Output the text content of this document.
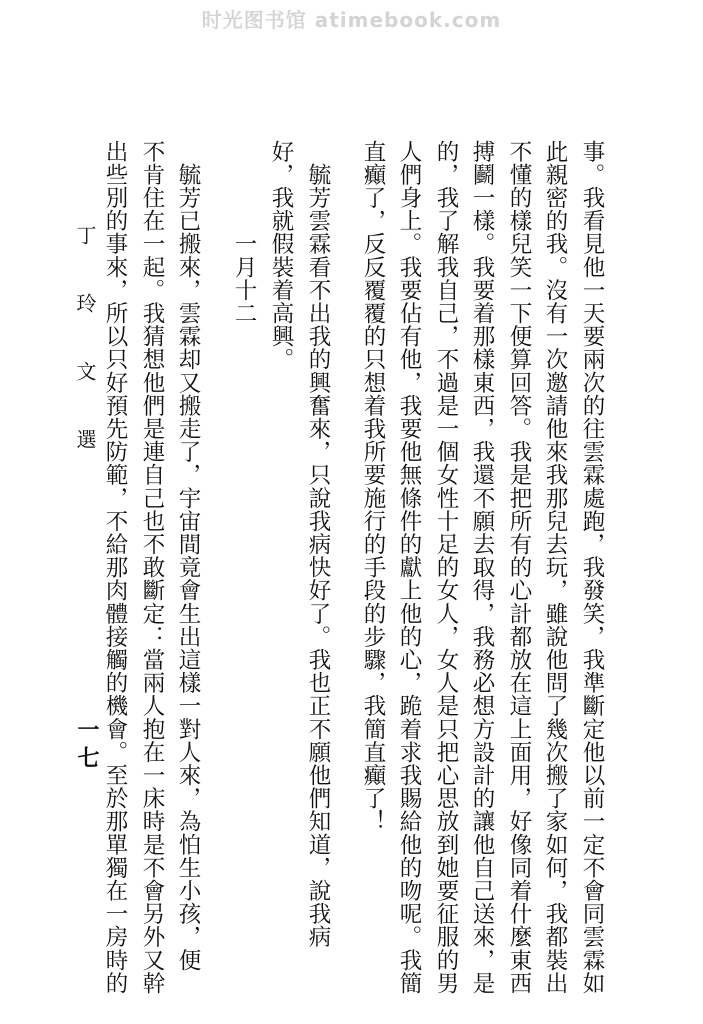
时光图书馆 atimebook.com
事。我看見他一天要兩次的往雲霖處跑，我發笑，我準斷定他以前一定不會同雲霖如
此親密的我。沒有一次邀請他來我那兒去玩，雖說他問了幾次搬了家如何，我都裝出
不懂的樣兒笑一下便算回答。我是把所有的心計都放在這上面用，好像同着什麼東西
搏鬬一樣。我要着那樣東西，我還不願去取得，我務必想方設計的讓他自己送來，是
的，我了解我自己，不過是一個女性十足的女人，女人是只把心思放到她要征服的男
人們身上。我要佔有他，我要他無條件的獻上他的心，跪着求我賜給他的吻呢。我簡
直癲了，反反覆覆的只想着我所要施行的手段的步驟，我簡直癲了！
　毓芳雲霖看不出我的興奮來，只說我病快好了。我也正不願他們知道，說我病
好，我就假裝着高興。
　　　　一月十二
　毓芳已搬來，雲霖却又搬走了，宇宙間竟會生出這樣一對人來，為怕生小孩，便
不肯住在一起。我猜想他們是連自己也不敢斷定：當兩人抱在一床時是不會另外又幹
出些別的事來，所以只好預先防範，不給那肉體接觸的機會。至於那單獨在一房時的
丁 玲 文 選
一七
